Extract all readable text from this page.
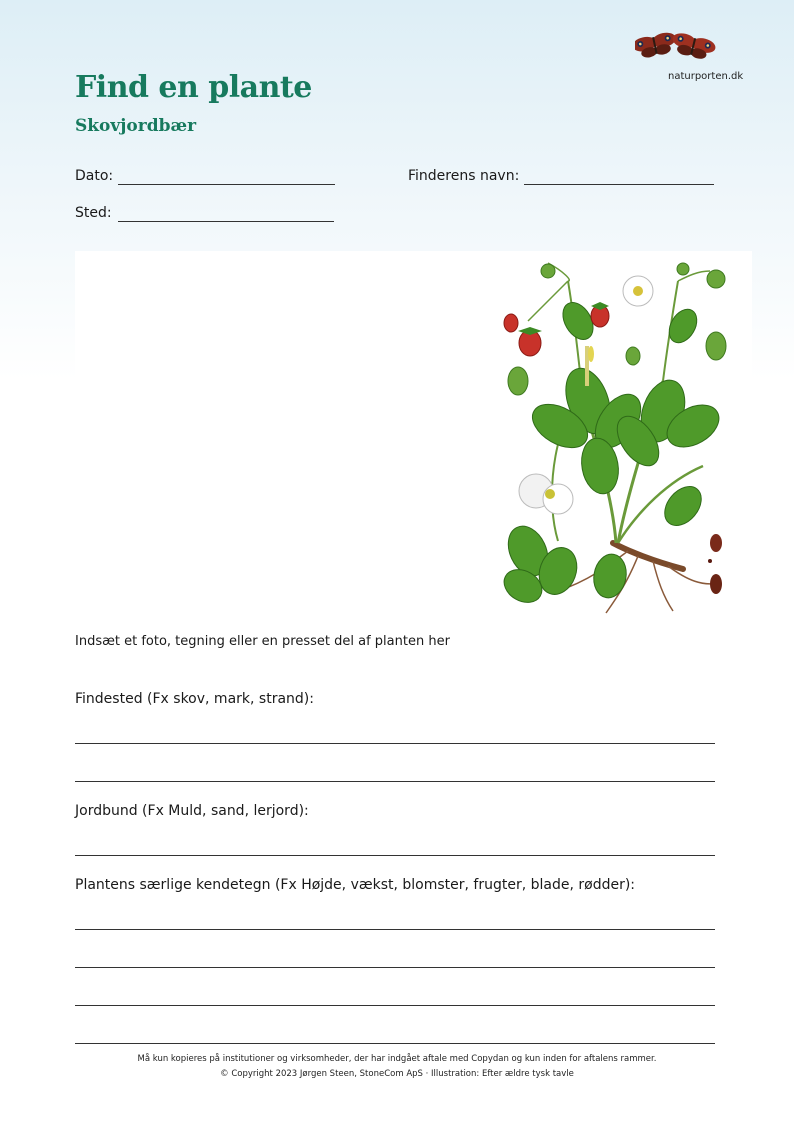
Find en plante
Skovjordbær
naturporten.dk
Dato:	Finderens navn:
Sted:
Indsæt et foto, tegning eller en presset del af planten her
Findested (Fx skov, mark, strand):
Jordbund (Fx Muld, sand, lerjord):
Plantens særlige kendetegn (Fx Højde, vækst, blomster, frugter, blade, rødder):
Må kun kopieres på institutioner og virksomheder, der har indgået aftale med Copydan og kun inden for aftalens rammer.
© Copyright 2023 Jørgen Steen, StoneCom ApS · Illustration: Efter ældre tysk tavle
